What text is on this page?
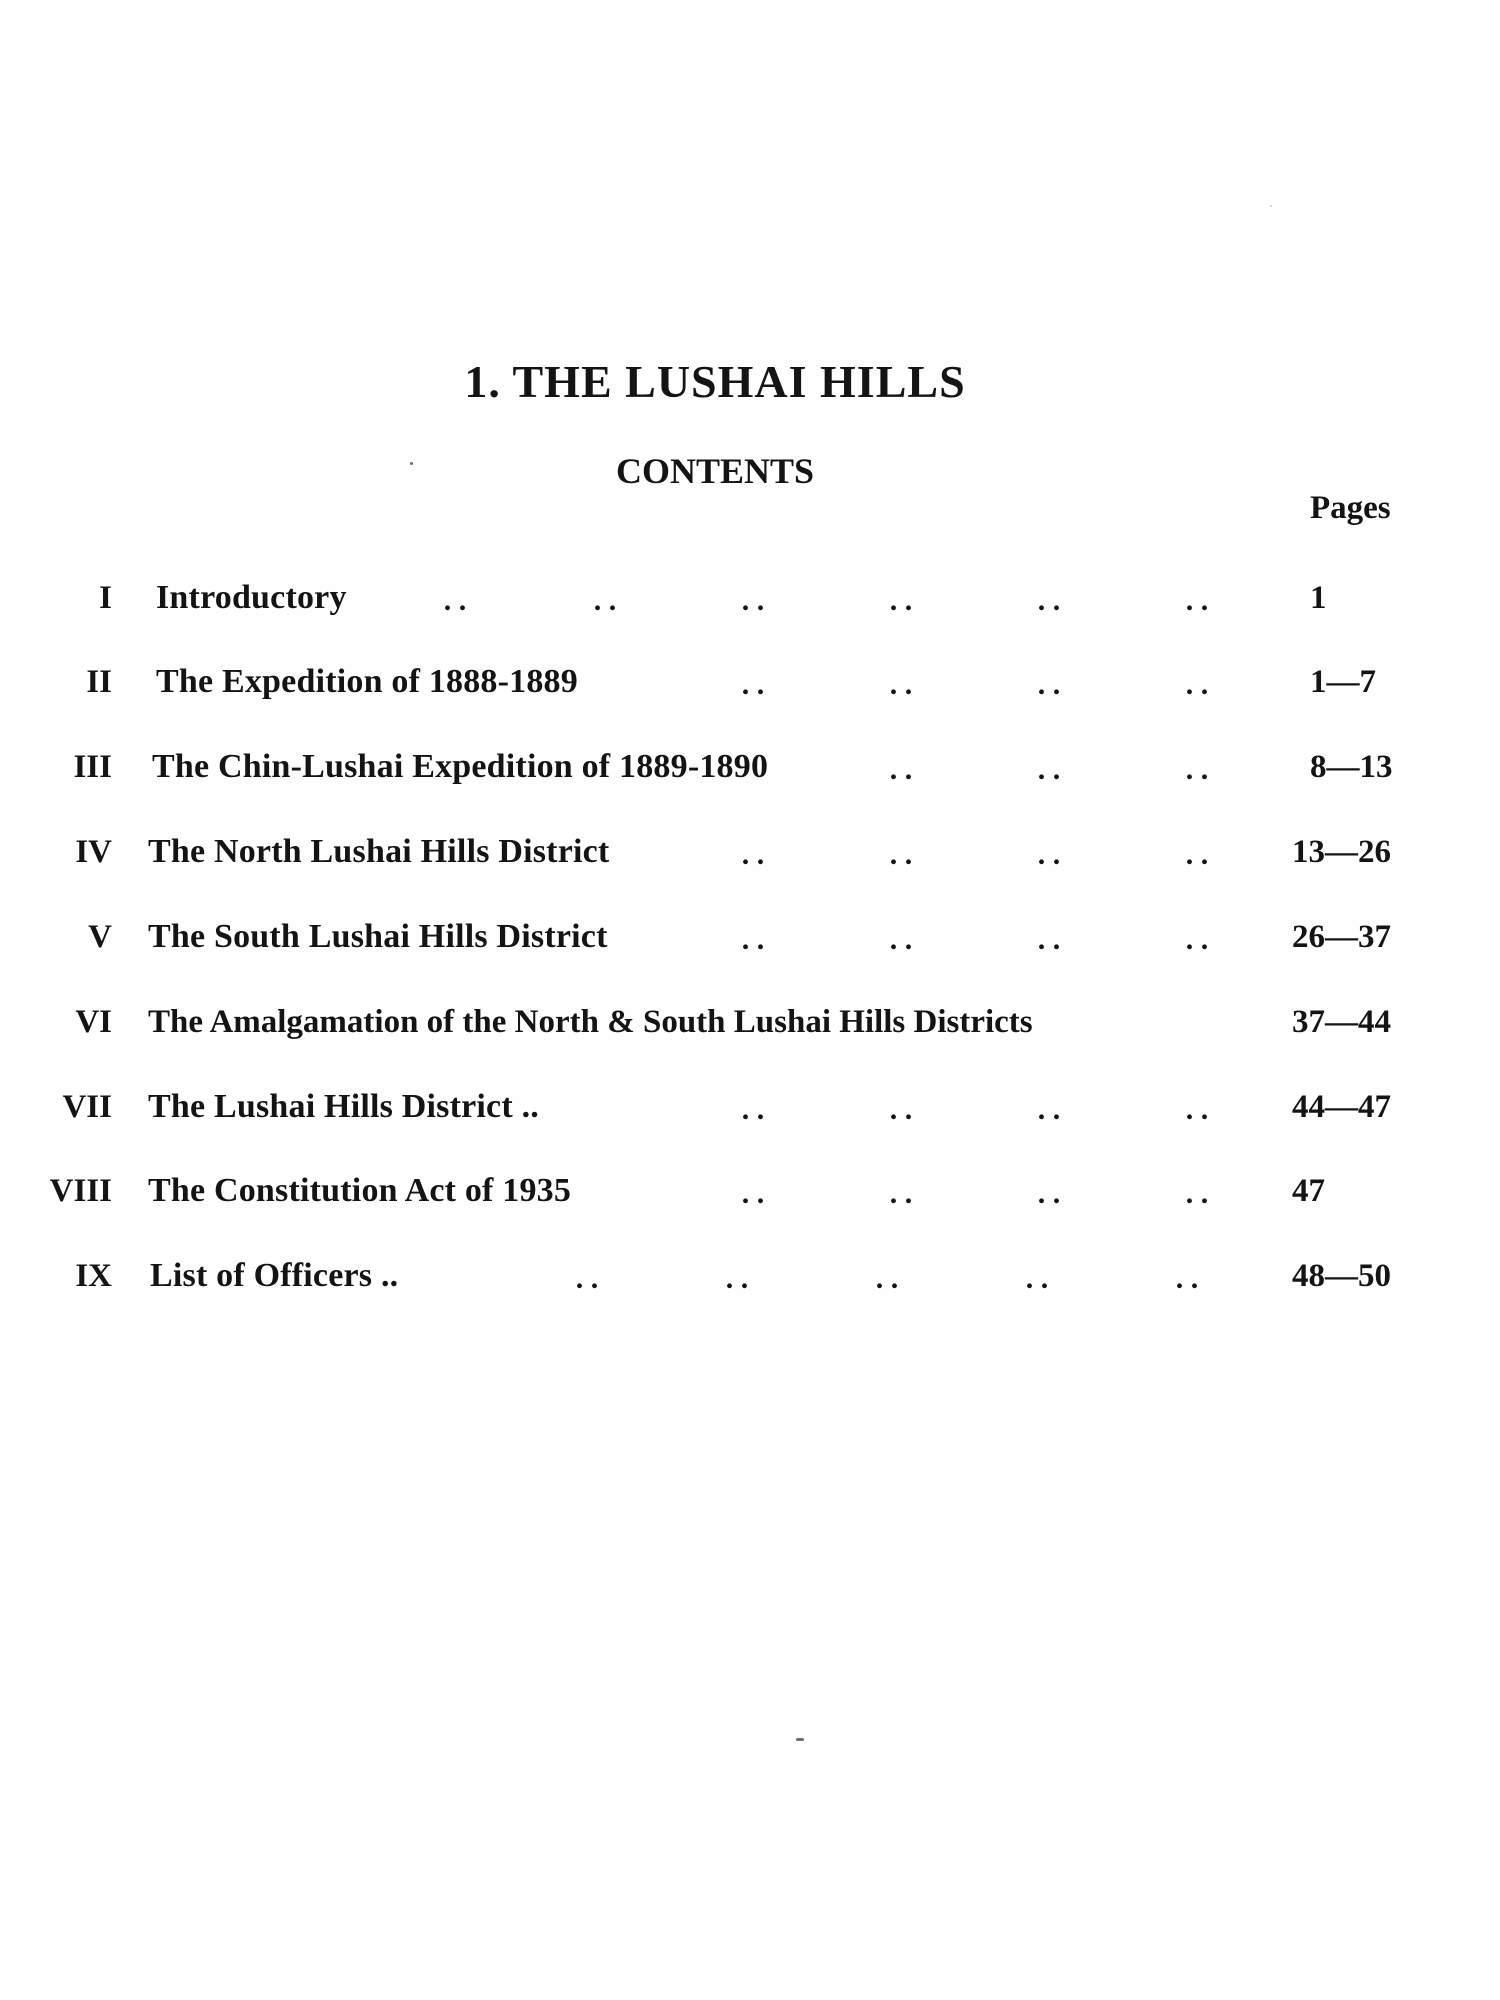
1. THE LUSHAI HILLS
CONTENTS
Pages
I Introductory	. .	. .	. .	. .	. .	. .	1
II The Expedition of 1888-1889	. .	. .	. .	. .	1—7
III The Chin-Lushai Expedition of 1889-1890	. .	. .	. .	8—13
IV The North Lushai Hills District	. .	. .	. .	. .	13—26
V The South Lushai Hills District	. .	. .	. .	. .	26—37
VI The Amalgamation of the North & South Lushai Hills Districts	37—44
VII The Lushai Hills District ..	. .	. .	. .	. .	44—47
VIII The Constitution Act of 1935	. .	. .	. .	. .	47
IX List of Officers ..	. .	. .	. .	. .	. .	48—50
